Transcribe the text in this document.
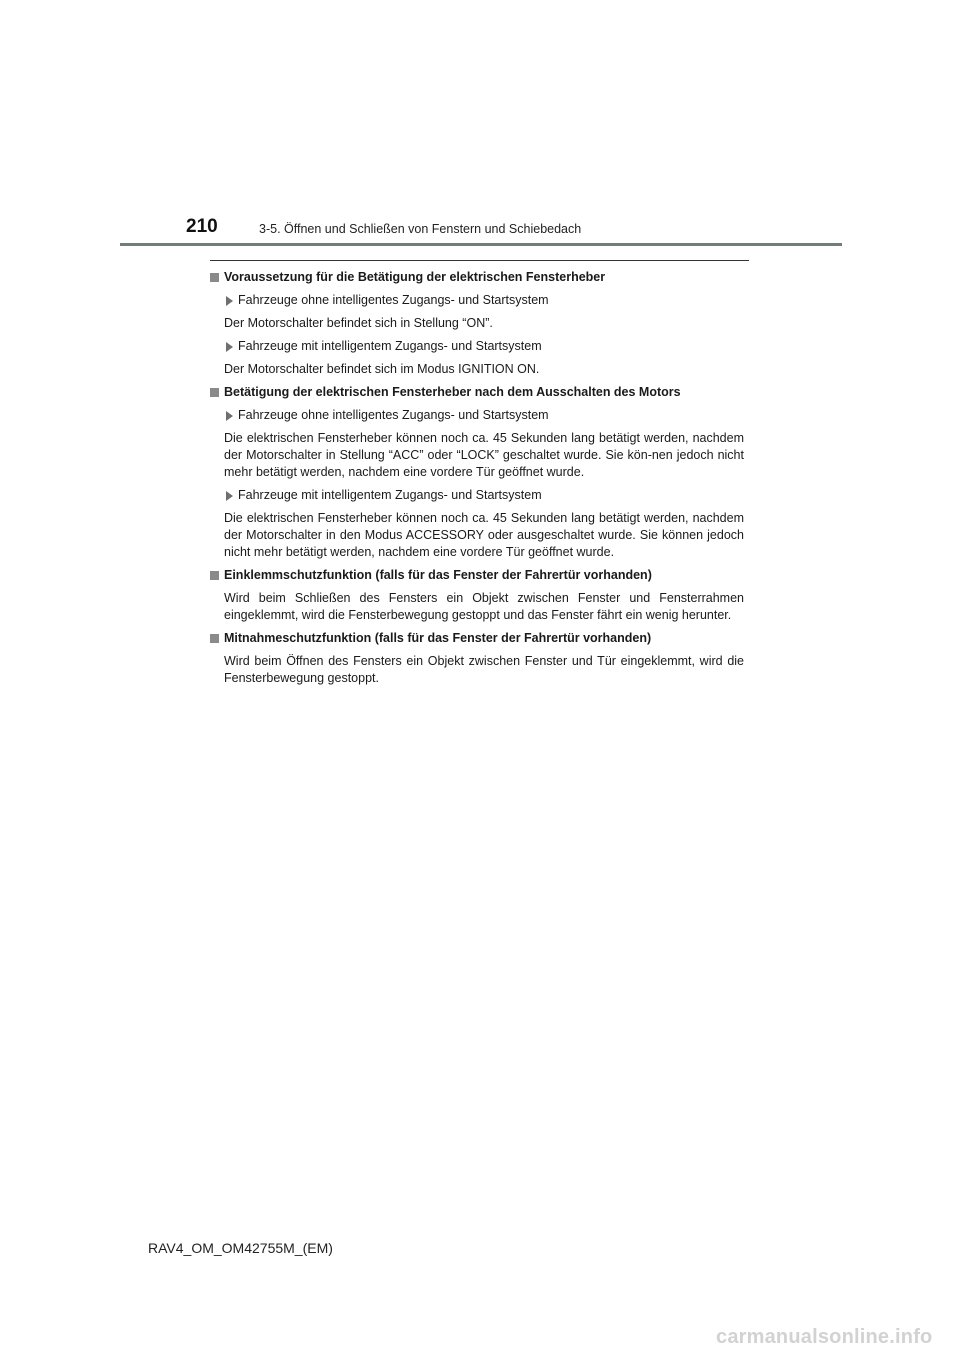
210	3-5. Öffnen und Schließen von Fenstern und Schiebedach
Voraussetzung für die Betätigung der elektrischen Fensterheber
Fahrzeuge ohne intelligentes Zugangs- und Startsystem
Der Motorschalter befindet sich in Stellung “ON”.
Fahrzeuge mit intelligentem Zugangs- und Startsystem
Der Motorschalter befindet sich im Modus IGNITION ON.
Betätigung der elektrischen Fensterheber nach dem Ausschalten des Motors
Fahrzeuge ohne intelligentes Zugangs- und Startsystem
Die elektrischen Fensterheber können noch ca. 45 Sekunden lang betätigt werden, nachdem der Motorschalter in Stellung “ACC” oder “LOCK” geschaltet wurde. Sie kön-nen jedoch nicht mehr betätigt werden, nachdem eine vordere Tür geöffnet wurde.
Fahrzeuge mit intelligentem Zugangs- und Startsystem
Die elektrischen Fensterheber können noch ca. 45 Sekunden lang betätigt werden, nachdem der Motorschalter in den Modus ACCESSORY oder ausgeschaltet wurde. Sie können jedoch nicht mehr betätigt werden, nachdem eine vordere Tür geöffnet wurde.
Einklemmschutzfunktion (falls für das Fenster der Fahrertür vorhanden)
Wird beim Schließen des Fensters ein Objekt zwischen Fenster und Fensterrahmen eingeklemmt, wird die Fensterbewegung gestoppt und das Fenster fährt ein wenig herunter.
Mitnahmeschutzfunktion (falls für das Fenster der Fahrertür vorhanden)
Wird beim Öffnen des Fensters ein Objekt zwischen Fenster und Tür eingeklemmt, wird die Fensterbewegung gestoppt.
RAV4_OM_OM42755M_(EM)
carmanualsonline.info
